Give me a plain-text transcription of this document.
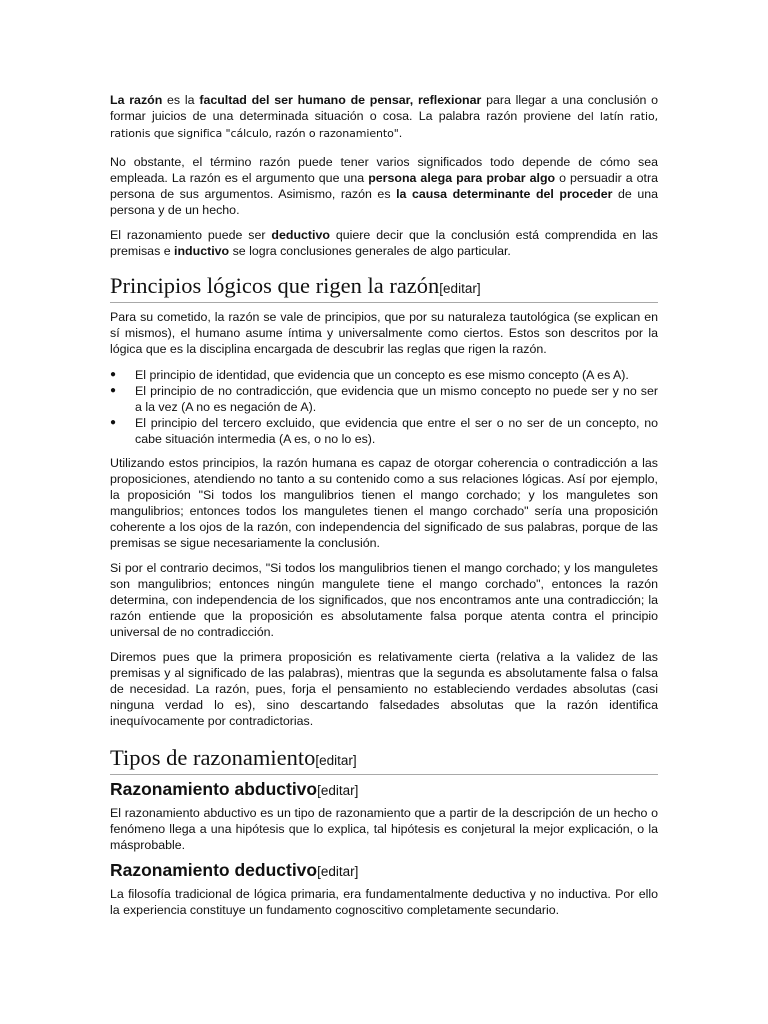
La razón es la facultad del ser humano de pensar, reflexionar para llegar a una conclusión o formar juicios de una determinada situación o cosa. La palabra razón proviene del latín ratio, rationis que significa "cálculo, razón o razonamiento".

No obstante, el término razón puede tener varios significados todo depende de cómo sea empleada. La razón es el argumento que una persona alega para probar algo o persuadir a otra persona de sus argumentos. Asimismo, razón es la causa determinante del proceder de una persona y de un hecho.

El razonamiento puede ser deductivo quiere decir que la conclusión está comprendida en las premisas e inductivo se logra conclusiones generales de algo particular.

Principios lógicos que rigen la razón[editar]

Para su cometido, la razón se vale de principios, que por su naturaleza tautológica (se explican en sí mismos), el humano asume íntima y universalmente como ciertos. Estos son descritos por la lógica que es la disciplina encargada de descubrir las reglas que rigen la razón.

● El principio de identidad, que evidencia que un concepto es ese mismo concepto (A es A).
● El principio de no contradicción, que evidencia que un mismo concepto no puede ser y no ser a la vez (A no es negación de A).
● El principio del tercero excluido, que evidencia que entre el ser o no ser de un concepto, no cabe situación intermedia (A es, o no lo es).

Utilizando estos principios, la razón humana es capaz de otorgar coherencia o contradicción a las proposiciones, atendiendo no tanto a su contenido como a sus relaciones lógicas. Así por ejemplo, la proposición "Si todos los mangulibrios tienen el mango corchado; y los manguletes son mangulibrios; entonces todos los manguletes tienen el mango corchado" sería una proposición coherente a los ojos de la razón, con independencia del significado de sus palabras, porque de las premisas se sigue necesariamente la conclusión.

Si por el contrario decimos, "Si todos los mangulibrios tienen el mango corchado; y los manguletes son mangulibrios; entonces ningún mangulete tiene el mango corchado", entonces la razón determina, con independencia de los significados, que nos encontramos ante una contradicción; la razón entiende que la proposición es absolutamente falsa porque atenta contra el principio universal de no contradicción.

Diremos pues que la primera proposición es relativamente cierta (relativa a la validez de las premisas y al significado de las palabras), mientras que la segunda es absolutamente falsa o falsa de necesidad. La razón, pues, forja el pensamiento no estableciendo verdades absolutas (casi ninguna verdad lo es), sino descartando falsedades absolutas que la razón identifica inequívocamente por contradictorias.

Tipos de razonamiento[editar]
Razonamiento abductivo[editar]

El razonamiento abductivo es un tipo de razonamiento que a partir de la descripción de un hecho o fenómeno llega a una hipótesis que lo explica, tal hipótesis es conjetural la mejor explicación, o la másprobable.

Razonamiento deductivo[editar]

La filosofía tradicional de lógica primaria, era fundamentalmente deductiva y no inductiva. Por ello la experiencia constituye un fundamento cognoscitivo completamente secundario.
